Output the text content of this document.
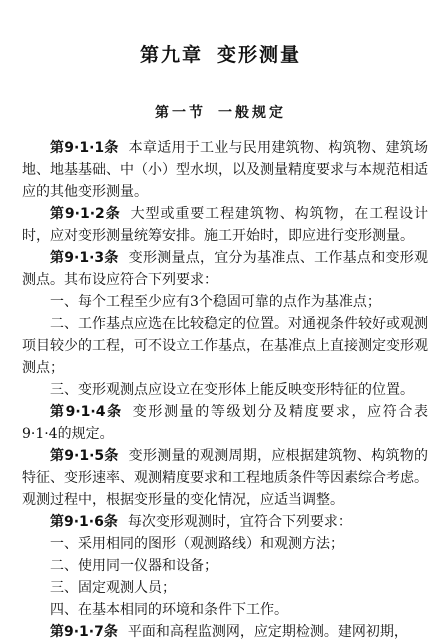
第九章 变形测量
第一节 一般规定

第9·1·1条 本章适用于工业与民用建筑物、构筑物、建筑场地、地基基础、中（小）型水坝，以及测量精度要求与本规范相适应的其他变形测量。

第9·1·2条 大型或重要工程建筑物、构筑物，在工程设计时，应对变形测量统筹安排。施工开始时，即应进行变形测量。

第9·1·3条 变形测量点，宜分为基准点、工作基点和变形观测点。其布设应符合下列要求：

一、每个工程至少应有3个稳固可靠的点作为基准点；

二、工作基点应选在比较稳定的位置。对通视条件较好或观测项目较少的工程，可不设立工作基点，在基准点上直接测定变形观测点；

三、变形观测点应设立在变形体上能反映变形特征的位置。

第9·1·4条 变形测量的等级划分及精度要求，应符合表9·1·4的规定。

第9·1·5条 变形测量的观测周期，应根据建筑物、构筑物的特征、变形速率、观测精度要求和工程地质条件等因素综合考虑。观测过程中，根据变形量的变化情况，应适当调整。

第9·1·6条 每次变形观测时，宜符合下列要求：

一、采用相同的图形（观测路线）和观测方法；

二、使用同一仪器和设备；

三、固定观测人员；

四、在基本相同的环境和条件下工作。

第9·1·7条 平面和高程监测网，应定期检测。建网初期，
